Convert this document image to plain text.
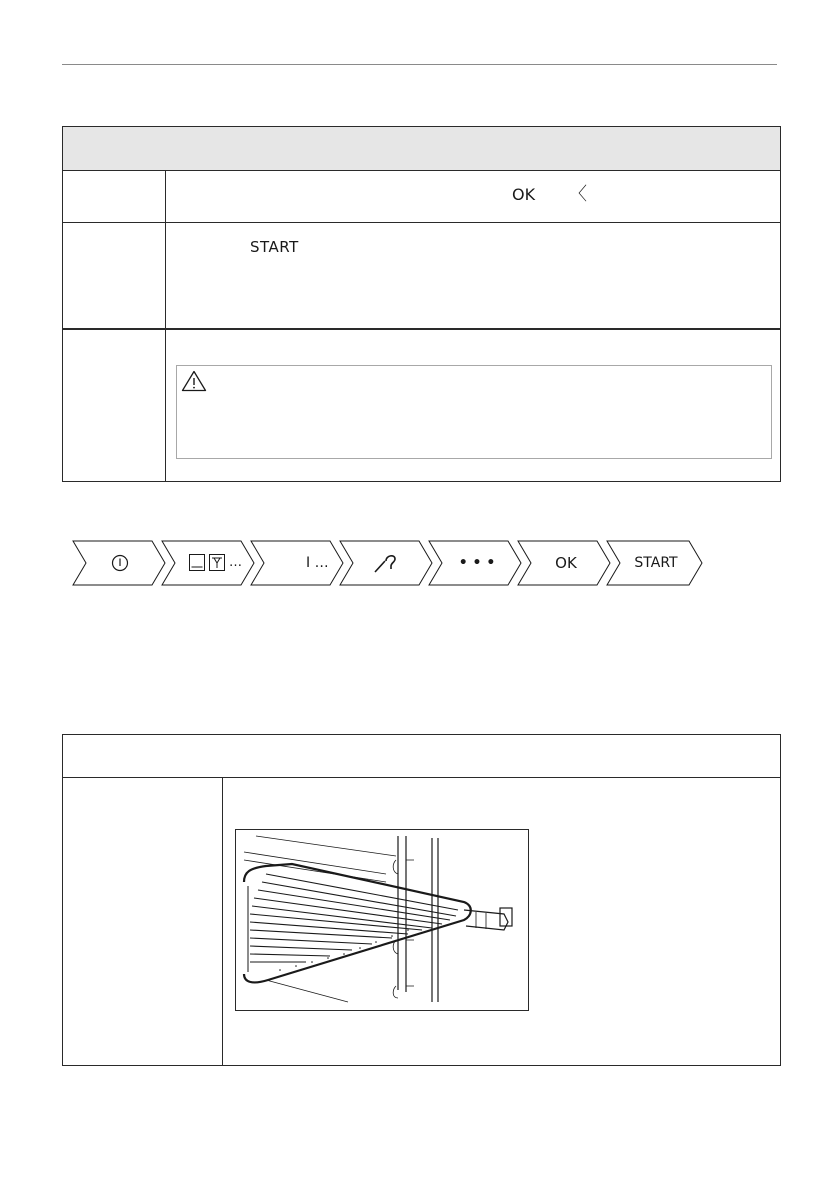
OK 〈
START
…	I …	• • •	OK	START
